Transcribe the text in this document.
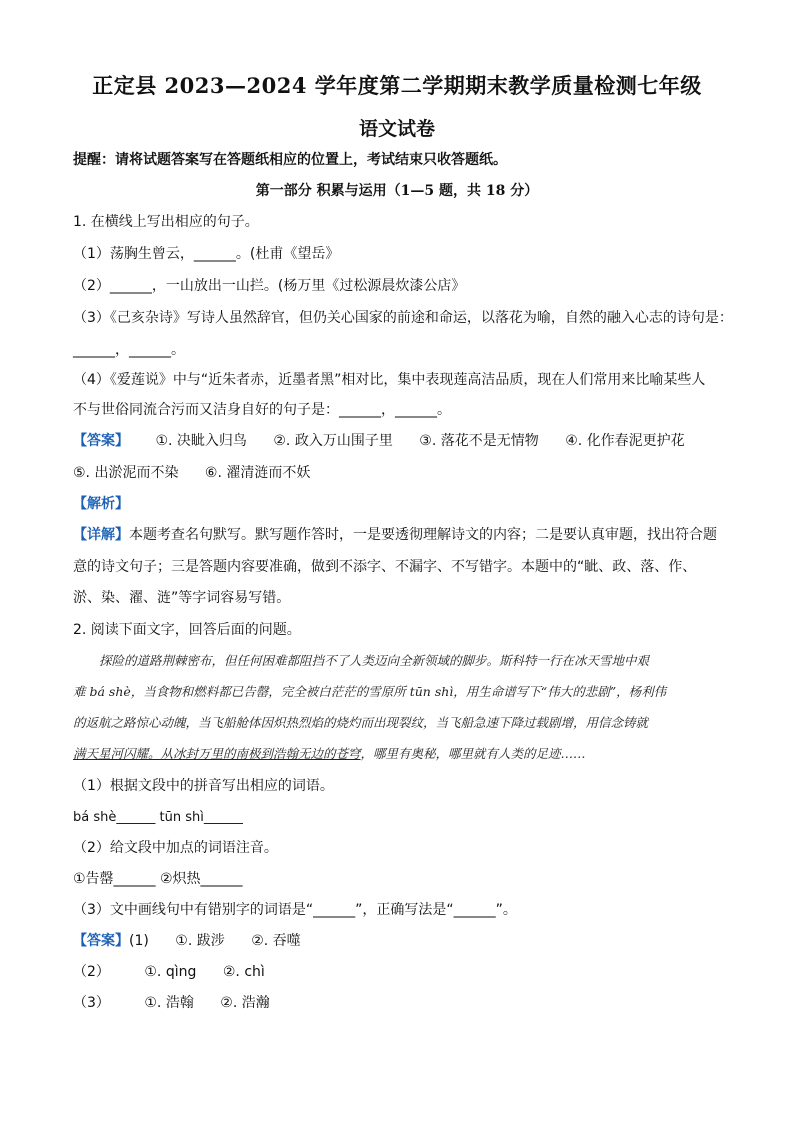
正定县 2023—2024 学年度第二学期期末教学质量检测七年级
语文试卷
提醒：请将试题答案写在答题纸相应的位置上，考试结束只收答题纸。
第一部分 积累与运用（1—5 题，共 18 分）
1. 在横线上写出相应的句子。
（1）荡胸生曾云，______。(杜甫《望岳》
（2）______，一山放出一山拦。(杨万里《过松源晨炊漆公店》
（3）《己亥杂诗》写诗人虽然辞官，但仍关心国家的前途和命运，以落花为喻，自然的融入心志的诗句是：
______，______。
（4）《爱莲说》中与“近朱者赤，近墨者黑”相对比，集中表现莲高洁品质，现在人们常用来比喻某些人
不与世俗同流合污而又洁身自好的句子是：______，______。
【答案】 ①. 决眦入归鸟 ②. 政入万山围子里 ③. 落花不是无情物 ④. 化作春泥更护花
⑤. 出淤泥而不染 ⑥. 濯清涟而不妖
【解析】
【详解】本题考查名句默写。默写题作答时，一是要透彻理解诗文的内容；二是要认真审题，找出符合题
意的诗文句子；三是答题内容要准确，做到不添字、不漏字、不写错字。本题中的“眦、政、落、作、
淤、染、濯、涟”等字词容易写错。
2. 阅读下面文字，回答后面的问题。

探险的道路荆棘密布，但任何困难都阻挡不了人类迈向全新领域的脚步。斯科特一行在冰天雪地中艰

难 bá shè，当食物和燃料都已告罄，完全被白茫茫的雪原所 tūn shì，用生命谱写下“伟大的悲剧”，杨利伟

的返航之路惊心动魄，当飞船舱体因炽热烈焰的烧灼而出现裂纹，当飞船急速下降过载剧增，用信念铸就

满天星河闪耀。从冰封万里的南极到浩翰无边的苍穹，哪里有奥秘，哪里就有人类的足迹……

（1）根据文段中的拼音写出相应的词语。
bá shè______ tūn shì______
（2）给文段中加点的词语注音。
①告罄______ ②炽热______
（3）文中画线句中有错别字的词语是“______”，正确写法是“______”。
【答案】(1) ①. 跋涉 ②. 吞噬
（2） ①. qìng ②. chì
（3） ①. 浩翰 ②. 浩瀚
